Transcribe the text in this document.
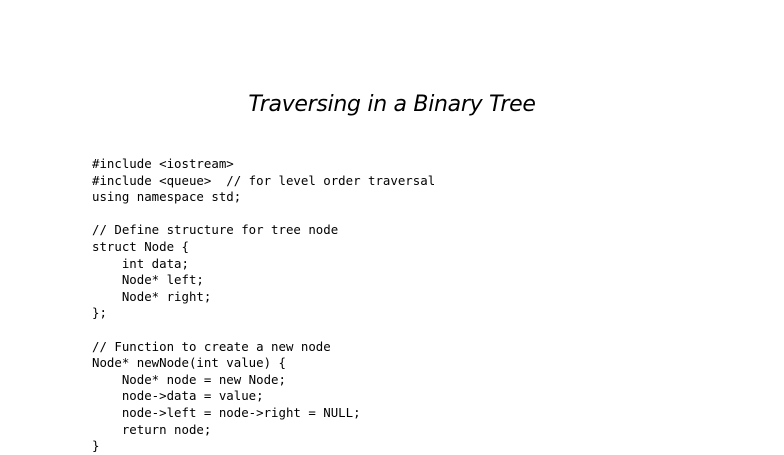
Traversing in a Binary Tree
#include <iostream>
#include <queue>  // for level order traversal
using namespace std;
// Define structure for tree node
struct Node {
int data;
Node* left;
Node* right;
};
// Function to create a new node
Node* newNode(int value) {
Node* node = new Node;
node->data = value;
node->left = node->right = NULL;
return node;
}
